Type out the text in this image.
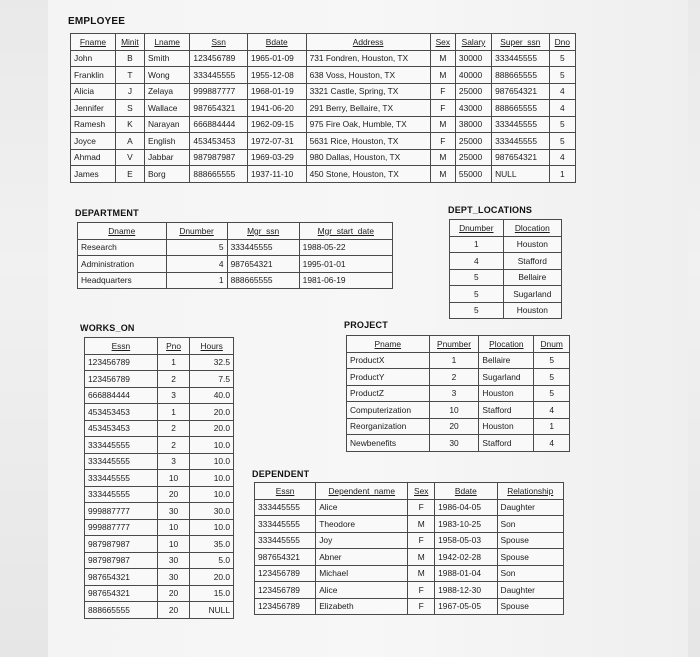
EMPLOYEE
Fname	Minit	Lname	Ssn	Bdate	Address	Sex	Salary	Super_ssn	Dno
John	B	Smith	123456789	1965-01-09	731 Fondren, Houston, TX	M	30000	333445555	5
Franklin	T	Wong	333445555	1955-12-08	638 Voss, Houston, TX	M	40000	888665555	5
Alicia	J	Zelaya	999887777	1968-01-19	3321 Castle, Spring, TX	F	25000	987654321	4
Jennifer	S	Wallace	987654321	1941-06-20	291 Berry, Bellaire, TX	F	43000	888665555	4
Ramesh	K	Narayan	666884444	1962-09-15	975 Fire Oak, Humble, TX	M	38000	333445555	5
Joyce	A	English	453453453	1972-07-31	5631 Rice, Houston, TX	F	25000	333445555	5
Ahmad	V	Jabbar	987987987	1969-03-29	980 Dallas, Houston, TX	M	25000	987654321	4
James	E	Borg	888665555	1937-11-10	450 Stone, Houston, TX	M	55000	NULL	1
DEPARTMENT
Dname	Dnumber	Mgr_ssn	Mgr_start_date
Research	5	333445555	1988-05-22
Administration	4	987654321	1995-01-01
Headquarters	1	888665555	1981-06-19
DEPT_LOCATIONS
Dnumber	Dlocation
1	Houston
4	Stafford
5	Bellaire
5	Sugarland
5	Houston
WORKS_ON
Essn	Pno	Hours
123456789	1	32.5
123456789	2	7.5
666884444	3	40.0
453453453	1	20.0
453453453	2	20.0
333445555	2	10.0
333445555	3	10.0
333445555	10	10.0
333445555	20	10.0
999887777	30	30.0
999887777	10	10.0
987987987	10	35.0
987987987	30	5.0
987654321	30	20.0
987654321	20	15.0
888665555	20	NULL
PROJECT
Pname	Pnumber	Plocation	Dnum
ProductX	1	Bellaire	5
ProductY	2	Sugarland	5
ProductZ	3	Houston	5
Computerization	10	Stafford	4
Reorganization	20	Houston	1
Newbenefits	30	Stafford	4
DEPENDENT
Essn	Dependent_name	Sex	Bdate	Relationship
333445555	Alice	F	1986-04-05	Daughter
333445555	Theodore	M	1983-10-25	Son
333445555	Joy	F	1958-05-03	Spouse
987654321	Abner	M	1942-02-28	Spouse
123456789	Michael	M	1988-01-04	Son
123456789	Alice	F	1988-12-30	Daughter
123456789	Elizabeth	F	1967-05-05	Spouse
